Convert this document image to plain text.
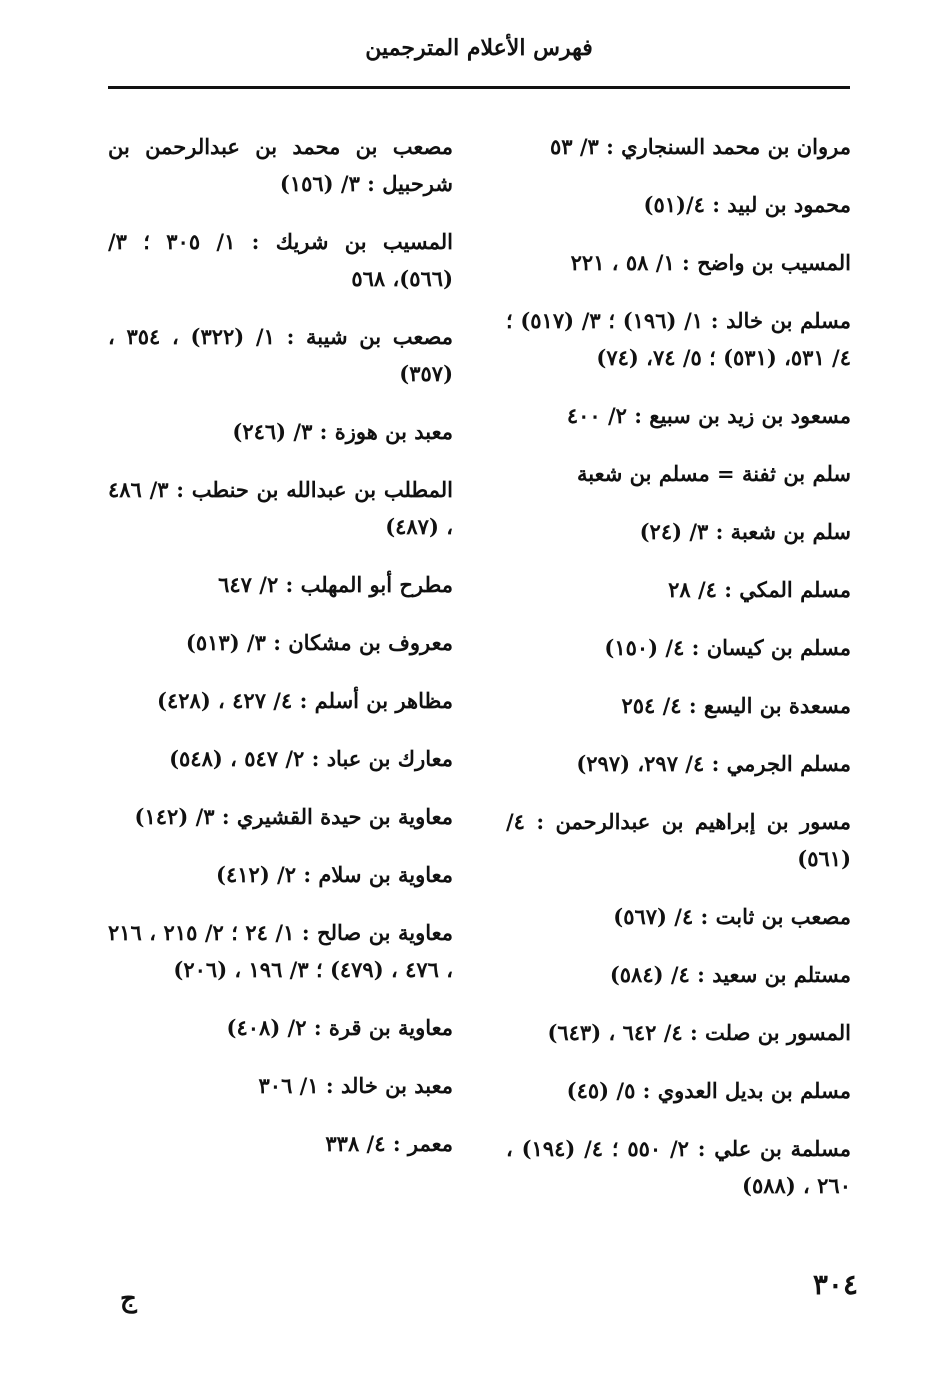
فهرس الأعلام المترجمين

مروان بن محمد السنجاري : ٣/ ٥٣

محمود بن لبيد : ٤/(٥١)

المسيب بن واضح : ١/ ٥٨ ، ٢٢١

مسلم بن خالد : ١/ (١٩٦) ؛ ٣/ (٥١٧) ؛ ٤/ ٥٣١، (٥٣١) ؛ ٥/ ٧٤، (٧٤)

مسعود بن زيد بن سبيع : ٢/ ٤٠٠

سلم بن ثفنة = مسلم بن شعبة

سلم بن شعبة : ٣/ (٢٤)

مسلم المكي : ٤/ ٢٨

مسلم بن كيسان : ٤/ (١٥٠)

مسعدة بن اليسع : ٤/ ٢٥٤

مسلم الجرمي : ٤/ ٢٩٧، (٢٩٧)

مسور بن إبراهيم بن عبدالرحمن : ٤/ (٥٦١)

مصعب بن ثابت : ٤/ (٥٦٧)

مستلم بن سعيد : ٤/ (٥٨٤)

المسور بن صلت : ٤/ ٦٤٢ ، (٦٤٣)

مسلم بن بديل العدوي : ٥/ (٤٥)

مسلمة بن علي : ٢/ ٥٥٠ ؛ ٤/ (١٩٤) ، ٢٦٠ ، (٥٨٨)

مصعب بن محمد بن عبدالرحمن بن شرحبيل : ٣/ (١٥٦)

المسيب بن شريك : ١/ ٣٠٥ ؛ ٣/ (٥٦٦)، ٥٦٨

مصعب بن شيبة : ١/ (٣٢٢) ، ٣٥٤ ، (٣٥٧)

معبد بن هوزة : ٣/ (٢٤٦)

المطلب بن عبدالله بن حنطب : ٣/ ٤٨٦ ، (٤٨٧)

مطرح أبو المهلب : ٢/ ٦٤٧

معروف بن مشكان : ٣/ (٥١٣)

مظاهر بن أسلم : ٤/ ٤٢٧ ، (٤٢٨)

معارك بن عباد : ٢/ ٥٤٧ ، (٥٤٨)

معاوية بن حيدة القشيري : ٣/ (١٤٢)

معاوية بن سلام : ٢/ (٤١٢)

معاوية بن صالح : ١/ ٢٤ ؛ ٢/ ٢١٥ ، ٢١٦ ، ٤٧٦ ، (٤٧٩) ؛ ٣/ ١٩٦ ، (٢٠٦)

معاوية بن قرة : ٢/ (٤٠٨)

معبد بن خالد : ١/ ٣٠٦

معمر : ٤/ ٣٣٨

٣٠٤
ج
